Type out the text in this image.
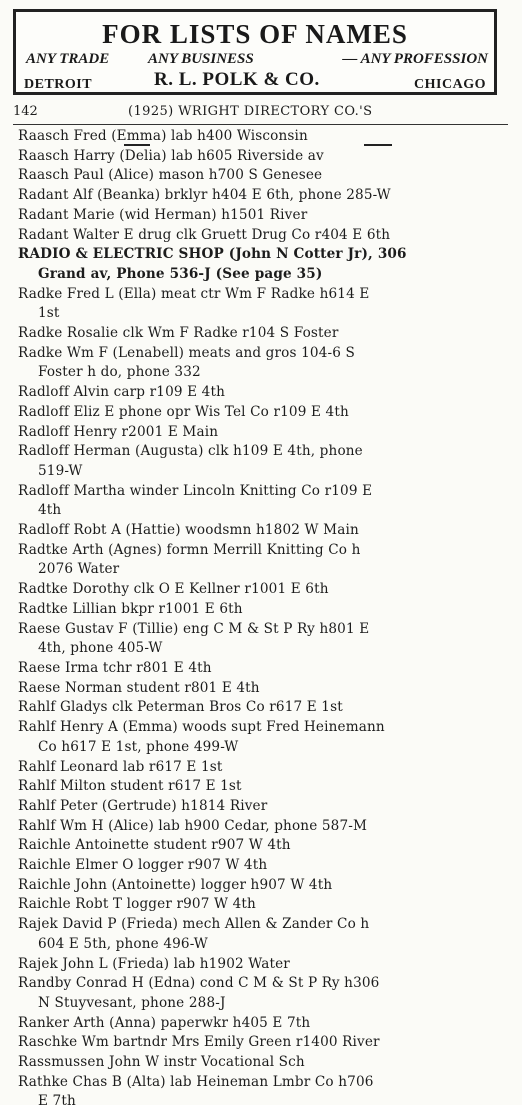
FOR LISTS OF NAMES
ANY TRADE	ANY BUSINESS	— ANY PROFESSION
DETROIT	R. L. POLK & CO.	CHICAGO
142	(1925) WRIGHT DIRECTORY CO.'S
Raasch Fred (Emma) lab h400 Wisconsin
Raasch Harry (Delia) lab h605 Riverside av
Raasch Paul (Alice) mason h700 S Genesee
Radant Alf (Beanka) brklyr h404 E 6th, phone 285-W
Radant Marie (wid Herman) h1501 River
Radant Walter E drug clk Gruett Drug Co r404 E 6th
RADIO & ELECTRIC SHOP (John N Cotter Jr), 306
Grand av, Phone 536-J (See page 35)
Radke Fred L (Ella) meat ctr Wm F Radke h614 E
1st
Radke Rosalie clk Wm F Radke r104 S Foster
Radke Wm F (Lenabell) meats and gros 104-6 S
Foster h do, phone 332
Radloff Alvin carp r109 E 4th
Radloff Eliz E phone opr Wis Tel Co r109 E 4th
Radloff Henry r2001 E Main
Radloff Herman (Augusta) clk h109 E 4th, phone
519-W
Radloff Martha winder Lincoln Knitting Co r109 E
4th
Radloff Robt A (Hattie) woodsmn h1802 W Main
Radtke Arth (Agnes) formn Merrill Knitting Co h
2076 Water
Radtke Dorothy clk O E Kellner r1001 E 6th
Radtke Lillian bkpr r1001 E 6th
Raese Gustav F (Tillie) eng C M & St P Ry h801 E
4th, phone 405-W
Raese Irma tchr r801 E 4th
Raese Norman student r801 E 4th
Rahlf Gladys clk Peterman Bros Co r617 E 1st
Rahlf Henry A (Emma) woods supt Fred Heinemann
Co h617 E 1st, phone 499-W
Rahlf Leonard lab r617 E 1st
Rahlf Milton student r617 E 1st
Rahlf Peter (Gertrude) h1814 River
Rahlf Wm H (Alice) lab h900 Cedar, phone 587-M
Raichle Antoinette student r907 W 4th
Raichle Elmer O logger r907 W 4th
Raichle John (Antoinette) logger h907 W 4th
Raichle Robt T logger r907 W 4th
Rajek David P (Frieda) mech Allen & Zander Co h
604 E 5th, phone 496-W
Rajek John L (Frieda) lab h1902 Water
Randby Conrad H (Edna) cond C M & St P Ry h306
N Stuyvesant, phone 288-J
Ranker Arth (Anna) paperwkr h405 E 7th
Raschke Wm bartndr Mrs Emily Green r1400 River
Rassmussen John W instr Vocational Sch
Rathke Chas B (Alta) lab Heineman Lmbr Co h706
E 7th
